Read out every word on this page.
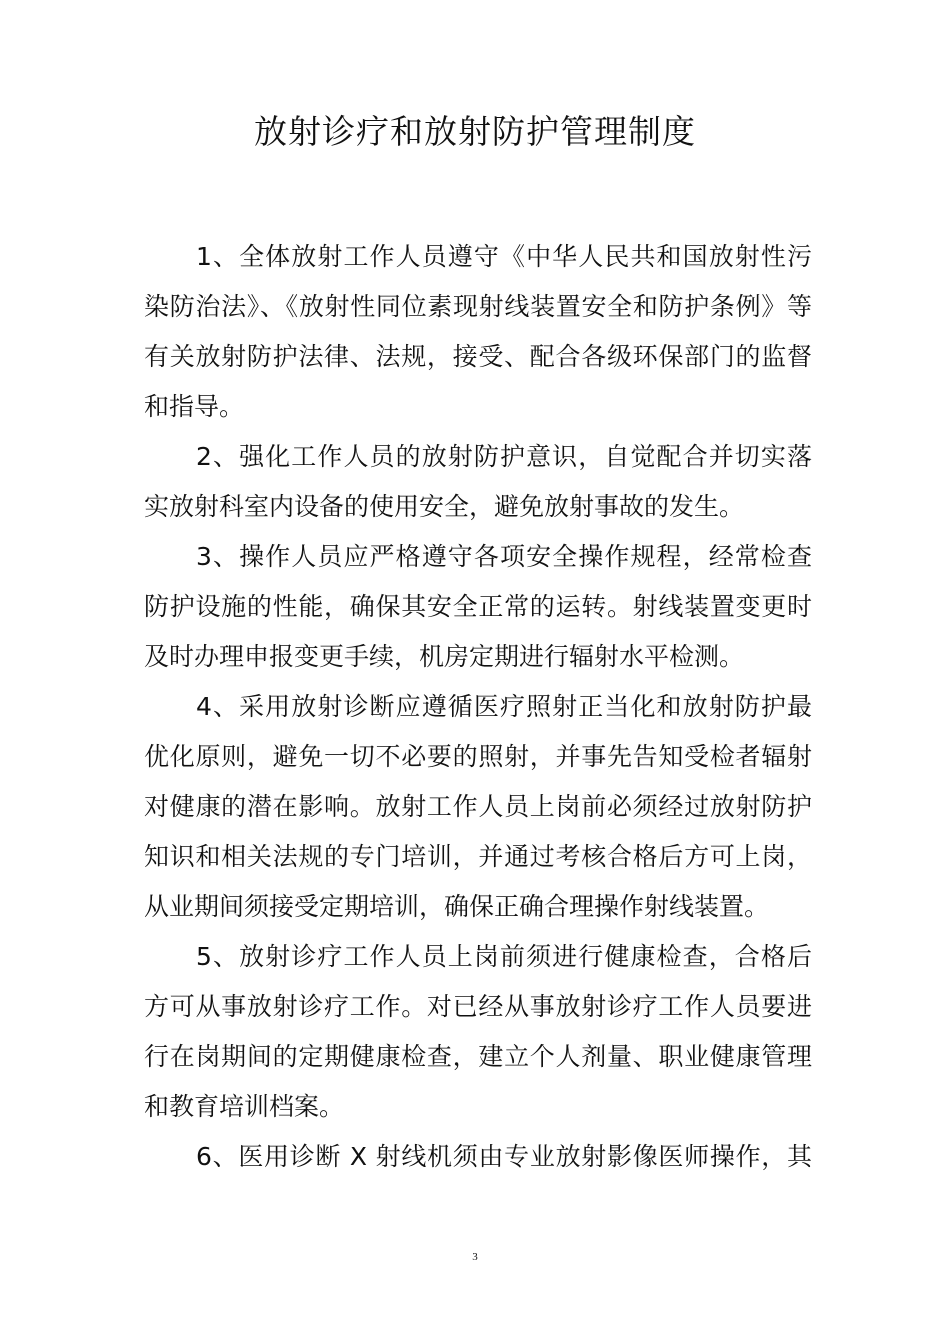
放射诊疗和放射防护管理制度
1、全体放射工作人员遵守《中华人民共和国放射性污
染防治法》、《放射性同位素现射线装置安全和防护条例》等
有关放射防护法律、法规，接受、配合各级环保部门的监督
和指导。
2、强化工作人员的放射防护意识，自觉配合并切实落
实放射科室内设备的使用安全，避免放射事故的发生。
3、操作人员应严格遵守各项安全操作规程，经常检查
防护设施的性能，确保其安全正常的运转。射线装置变更时
及时办理申报变更手续，机房定期进行辐射水平检测。
4、采用放射诊断应遵循医疗照射正当化和放射防护最
优化原则，避免一切不必要的照射，并事先告知受检者辐射
对健康的潜在影响。放射工作人员上岗前必须经过放射防护
知识和相关法规的专门培训，并通过考核合格后方可上岗，
从业期间须接受定期培训，确保正确合理操作射线装置。
5、放射诊疗工作人员上岗前须进行健康检查，合格后
方可从事放射诊疗工作。对已经从事放射诊疗工作人员要进
行在岗期间的定期健康检查，建立个人剂量、职业健康管理
和教育培训档案。
6、医用诊断 X 射线机须由专业放射影像医师操作，其
3
